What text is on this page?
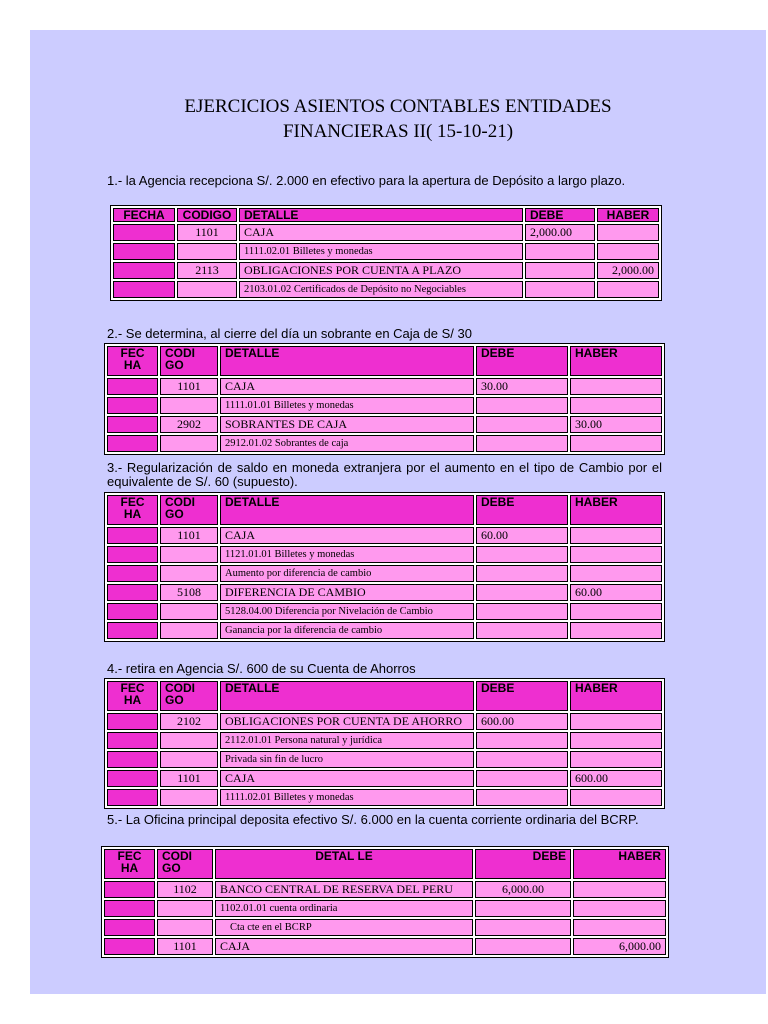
EJERCICIOS ASIENTOS CONTABLES ENTIDADES
FINANCIERAS II( 15-10-21)
1.- la Agencia recepciona S/. 2.000 en efectivo para la apertura de Depósito a largo plazo.
FECHA	CODIGO	DETALLE	DEBE	HABER
	1101	CAJA	2,000.00	
		1111.02.01 Billetes y monedas		
	2113	OBLIGACIONES POR CUENTA A PLAZO		2,000.00
		2103.01.02 Certificados de Depósito no Negociables		
2.- Se determina, al cierre del día un sobrante en Caja de S/ 30
FEC HA	CODI GO	DETALLE	DEBE	HABER
	1101	CAJA	30.00	
		1111.01.01 Billetes y monedas		
	2902	SOBRANTES DE CAJA		30.00
		2912.01.02 Sobrantes de caja		
3.- Regularización de saldo en moneda extranjera por el aumento en el tipo de Cambio por el equivalente de S/. 60 (supuesto).
FEC HA	CODI GO	DETALLE	DEBE	HABER
	1101	CAJA	60.00	
		1121.01.01 Billetes y monedas		
		Aumento por diferencia de cambio		
	5108	DIFERENCIA DE CAMBIO		60.00
		5128.04.00 Diferencia por Nivelación de Cambio		
		Ganancia por la diferencia de cambio		
4.- retira en Agencia S/. 600 de su Cuenta de Ahorros
FEC HA	CODI GO	DETALLE	DEBE	HABER
	2102	OBLIGACIONES POR CUENTA DE AHORRO	600.00	
		2112.01.01 Persona natural y jurídica		
		Privada sin fin de lucro		
	1101	CAJA		600.00
		1111.02.01 Billetes y monedas		
5.- La Oficina principal deposita efectivo S/. 6.000 en la cuenta corriente ordinaria del BCRP.
FEC HA	CODI GO	DETAL LE	DEBE	HABER
	1102	BANCO CENTRAL DE RESERVA DEL PERU	6,000.00	
		1102.01.01 cuenta ordinaria		
		Cta cte en el BCRP		
	1101	CAJA		6,000.00
